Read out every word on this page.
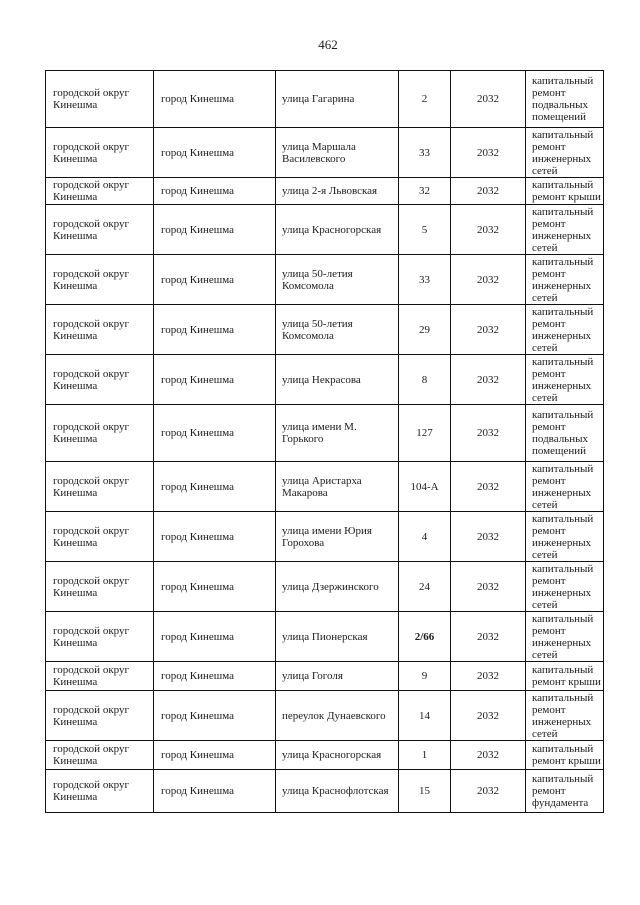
462
городской округ Кинешма	город Кинешма	улица Гагарина	2	2032	капитальный ремонт подвальных помещений
городской округ Кинешма	город Кинешма	улица Маршала Василевского	33	2032	капитальный ремонт инженерных сетей
городской округ Кинешма	город Кинешма	улица 2-я Львовская	32	2032	капитальный ремонт крыши
городской округ Кинешма	город Кинешма	улица Красногорская	5	2032	капитальный ремонт инженерных сетей
городской округ Кинешма	город Кинешма	улица 50-летия Комсомола	33	2032	капитальный ремонт инженерных сетей
городской округ Кинешма	город Кинешма	улица 50-летия Комсомола	29	2032	капитальный ремонт инженерных сетей
городской округ Кинешма	город Кинешма	улица Некрасова	8	2032	капитальный ремонт инженерных сетей
городской округ Кинешма	город Кинешма	улица имени М. Горького	127	2032	капитальный ремонт подвальных помещений
городской округ Кинешма	город Кинешма	улица Аристарха Макарова	104-А	2032	капитальный ремонт инженерных сетей
городской округ Кинешма	город Кинешма	улица имени Юрия Горохова	4	2032	капитальный ремонт инженерных сетей
городской округ Кинешма	город Кинешма	улица Дзержинского	24	2032	капитальный ремонт инженерных сетей
городской округ Кинешма	город Кинешма	улица Пионерская	2/66	2032	капитальный ремонт инженерных сетей
городской округ Кинешма	город Кинешма	улица Гоголя	9	2032	капитальный ремонт крыши
городской округ Кинешма	город Кинешма	переулок Дунаевского	14	2032	капитальный ремонт инженерных сетей
городской округ Кинешма	город Кинешма	улица Красногорская	1	2032	капитальный ремонт крыши
городской округ Кинешма	город Кинешма	улица Краснофлотская	15	2032	капитальный ремонт фундамента
